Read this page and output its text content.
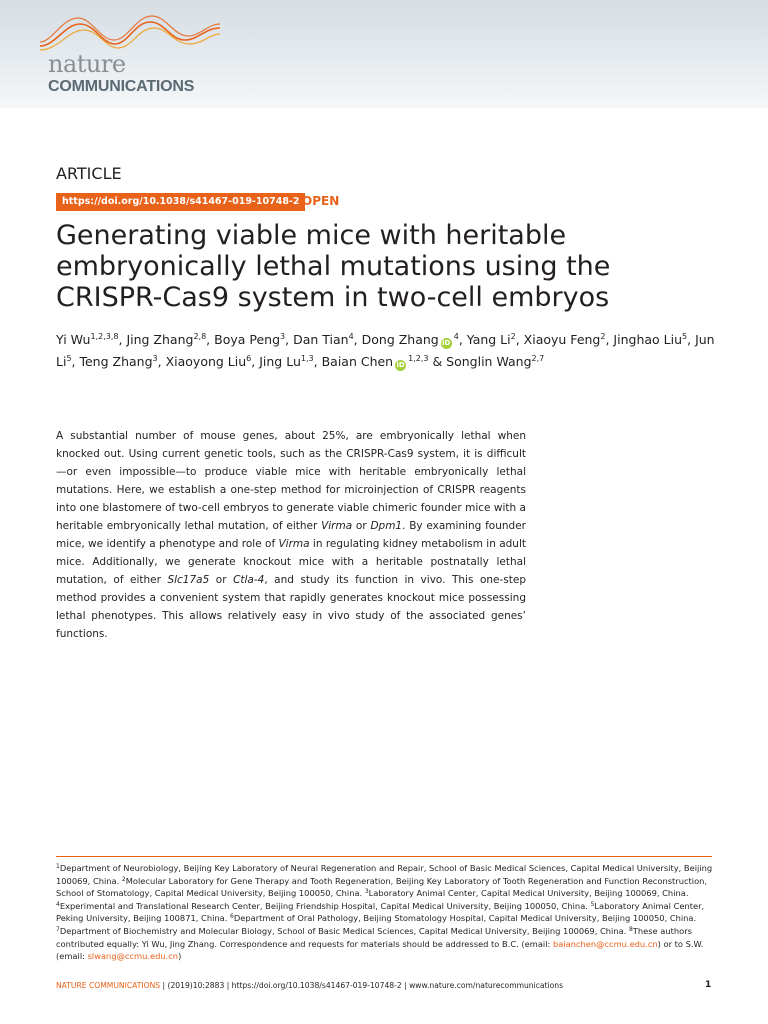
nature
COMMUNICATIONS
ARTICLE
https://doi.org/10.1038/s41467-019-10748-2 OPEN
Generating viable mice with heritable embryonically lethal mutations using the CRISPR-Cas9 system in two-cell embryos
Yi Wu$^{1,2,3,8}$, Jing Zhang$^{2,8}$, Boya Peng$^3$, Dan Tian$^4$, Dong Zhang $iD^4$, Yang Li$^2$, Xiaoyu Feng$^2$, Jinghao Liu$^5$, Jun Li$^5$, Teng Zhang$^3$, Xiaoyong Liu$^6$, Jing Lu$^{1,3}$, Baian Chen iD$^{1,2,3}$ & Songlin Wang$^{2,7}$

A substantial number of mouse genes, about 25%, are embryonically lethal when knocked out. Using current genetic tools, such as the CRISPR-Cas9 system, it is difficult—or even impossible—to produce viable mice with heritable embryonically lethal mutations. Here, we establish a one-step method for microinjection of CRISPR reagents into one blastomere of two-cell embryos to generate viable chimeric founder mice with a heritable embryonically lethal mutation, of either Virma or Dpm1. By examining founder mice, we identify a phenotype and role of Virma in regulating kidney metabolism in adult mice. Additionally, we generate knockout mice with a heritable postnatally lethal mutation, of either Slc17a5 or Ctla-4, and study its function in vivo. This one-step method provides a convenient system that rapidly generates knockout mice possessing lethal phenotypes. This allows relatively easy in vivo study of the associated genes’ functions.

$^1$Department of Neurobiology, Beijing Key Laboratory of Neural Regeneration and Repair, School of Basic Medical Sciences, Capital Medical University, Beijing 100069, China. $^2$Molecular Laboratory for Gene Therapy and Tooth Regeneration, Beijing Key Laboratory of Tooth Regeneration and Function Reconstruction, School of Stomatology, Capital Medical University, Beijing 100050, China. $^3$Laboratory Animal Center, Capital Medical University, Beijing 100069, China. $^4$Experimental and Translational Research Center, Beijing Friendship Hospital, Capital Medical University, Beijing 100050, China. $^5$Laboratory Animal Center, Peking University, Beijing 100871, China. $^6$Department of Oral Pathology, Beijing Stomatology Hospital, Capital Medical University, Beijing 100050, China. $^7$Department of Biochemistry and Molecular Biology, School of Basic Medical Sciences, Capital Medical University, Beijing 100069, China. $^8$These authors contributed equally: Yi Wu, Jing Zhang. Correspondence and requests for materials should be addressed to B.C. (email: baianchen@ccmu.edu.cn) or to S.W. (email: slwang@ccmu.edu.cn)
NATURE COMMUNICATIONS | (2019)10:2883 | https://doi.org/10.1038/s41467-019-10748-2 | www.nature.com/naturecommunications	1
